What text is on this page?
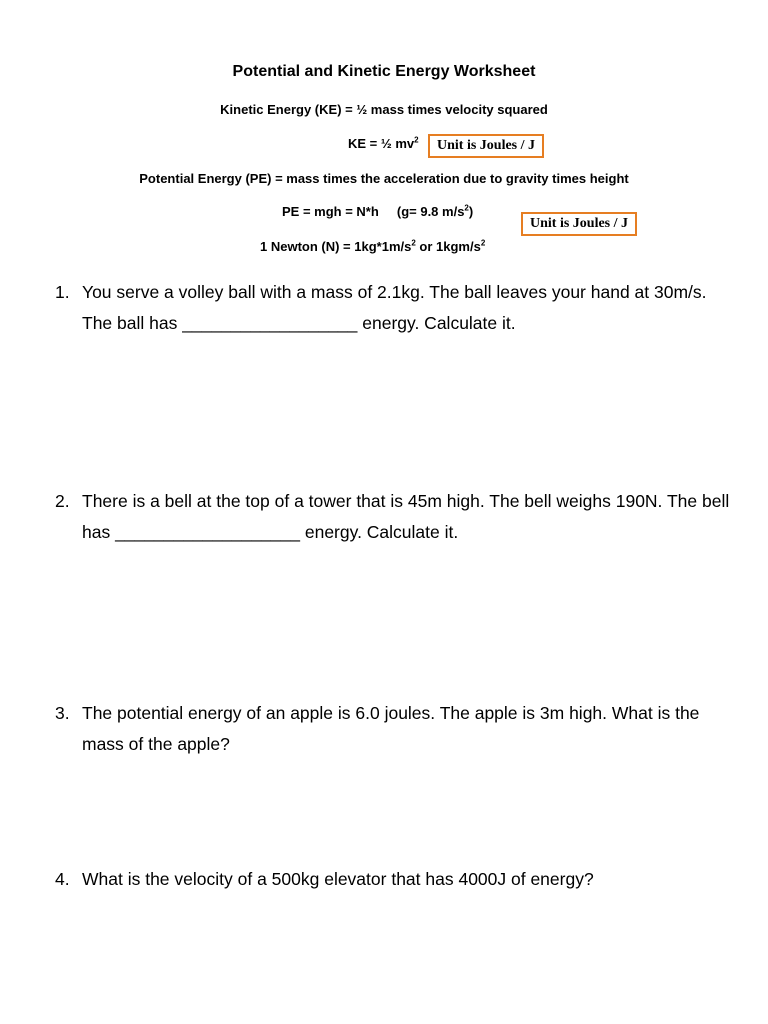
Potential and Kinetic Energy Worksheet
Kinetic Energy (KE) = ½ mass times velocity squared
KE = ½ $mv^2$	Unit is Joules / J
Potential Energy (PE) = mass times the acceleration due to gravity times height
PE = mgh = N*h     (g= 9.8 $m/s^2$)
Unit is Joules / J
1 Newton $(N) = 1kg*1m/s^2$ or $1kgm/s^2$
1. You serve a volley ball with a mass of 2.1kg. The ball leaves your hand at 30m/s. The ball has __________________ energy. Calculate it.
2. There is a bell at the top of a tower that is 45m high. The bell weighs 190N. The bell has ___________________ energy. Calculate it.
3. The potential energy of an apple is 6.0 joules. The apple is 3m high. What is the mass of the apple?
4. What is the velocity of a 500kg elevator that has 4000J of energy?
